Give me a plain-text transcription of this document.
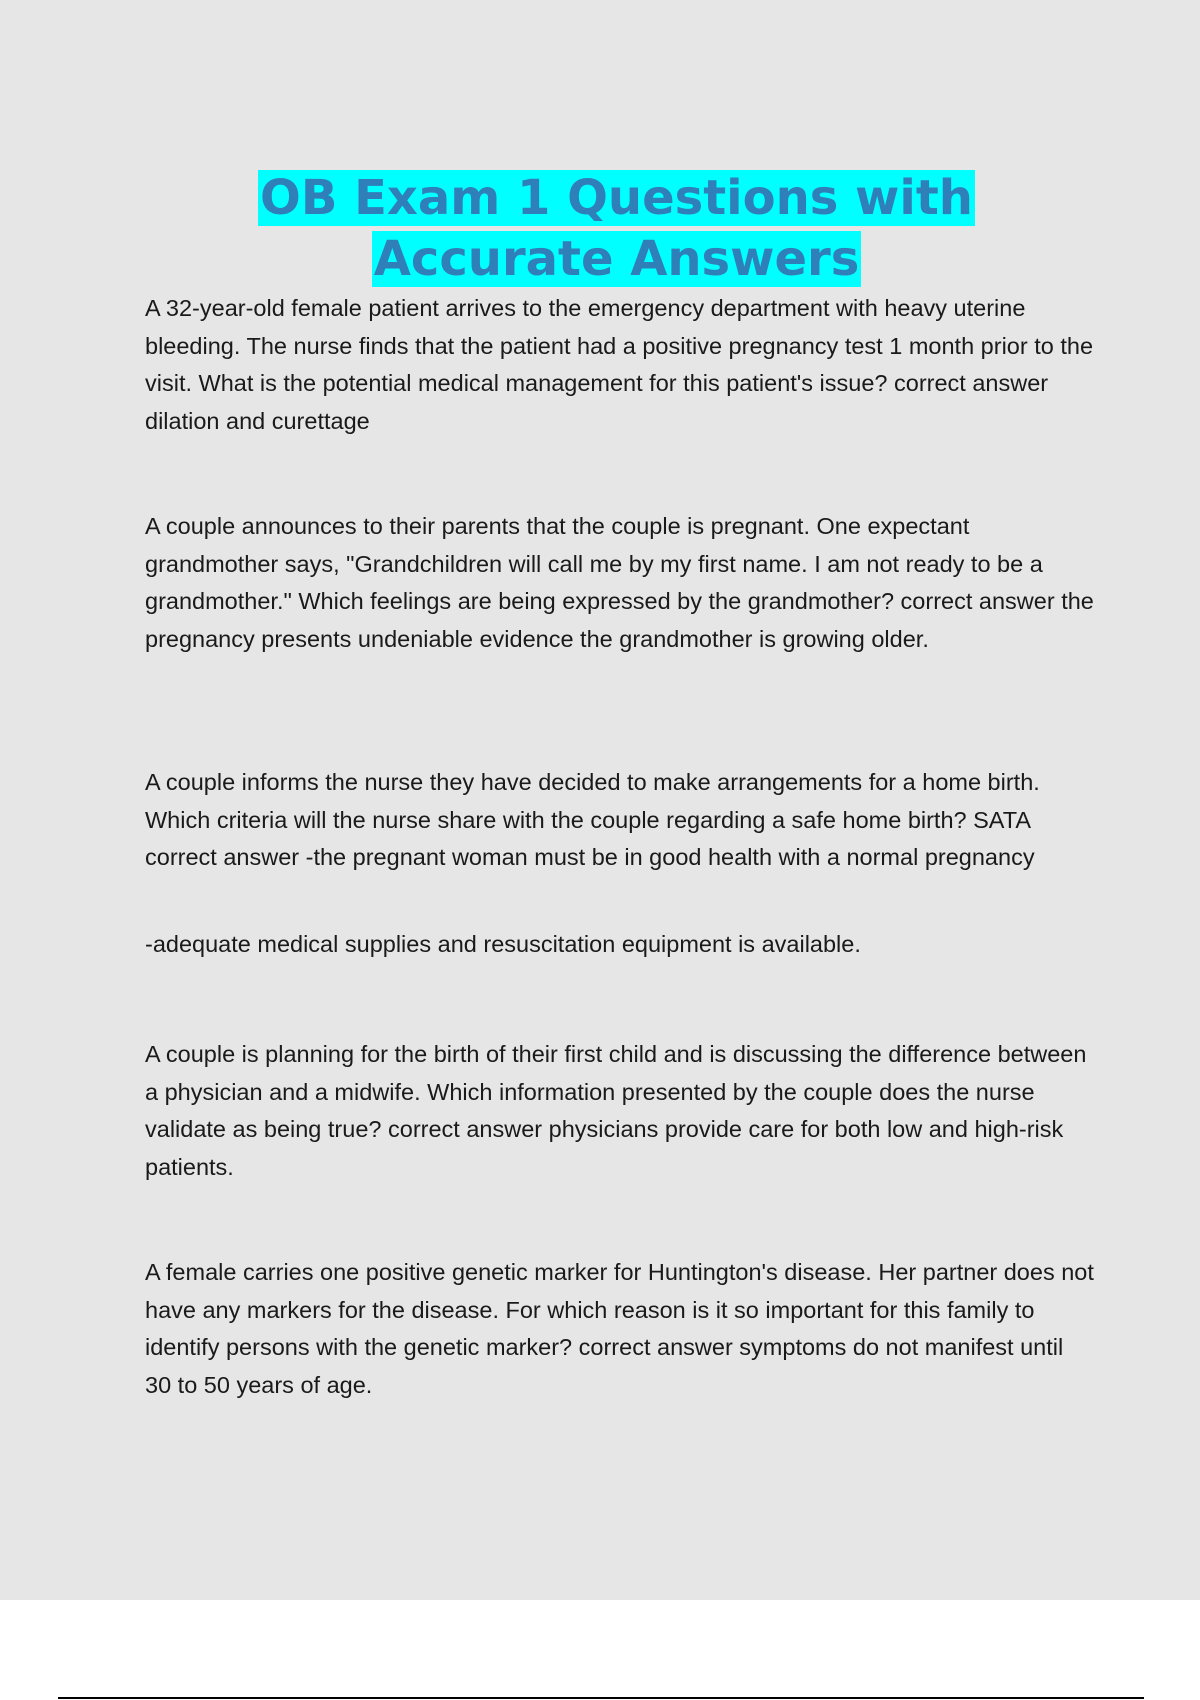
OB Exam 1 Questions with
Accurate Answers

A 32-year-old female patient arrives to the emergency department with heavy uterine bleeding. The nurse finds that the patient had a positive pregnancy test 1 month prior to the visit. What is the potential medical management for this patient's issue? correct answer dilation and curettage

A couple announces to their parents that the couple is pregnant. One expectant grandmother says, "Grandchildren will call me by my first name. I am not ready to be a grandmother." Which feelings are being expressed by the grandmother? correct answer the pregnancy presents undeniable evidence the grandmother is growing older.

A couple informs the nurse they have decided to make arrangements for a home birth. Which criteria will the nurse share with the couple regarding a safe home birth? SATA correct answer -the pregnant woman must be in good health with a normal pregnancy

-adequate medical supplies and resuscitation equipment is available.

A couple is planning for the birth of their first child and is discussing the difference between a physician and a midwife. Which information presented by the couple does the nurse validate as being true? correct answer physicians provide care for both low and high-risk patients.

A female carries one positive genetic marker for Huntington's disease. Her partner does not have any markers for the disease. For which reason is it so important for this family to identify persons with the genetic marker? correct answer symptoms do not manifest until 30 to 50 years of age.
